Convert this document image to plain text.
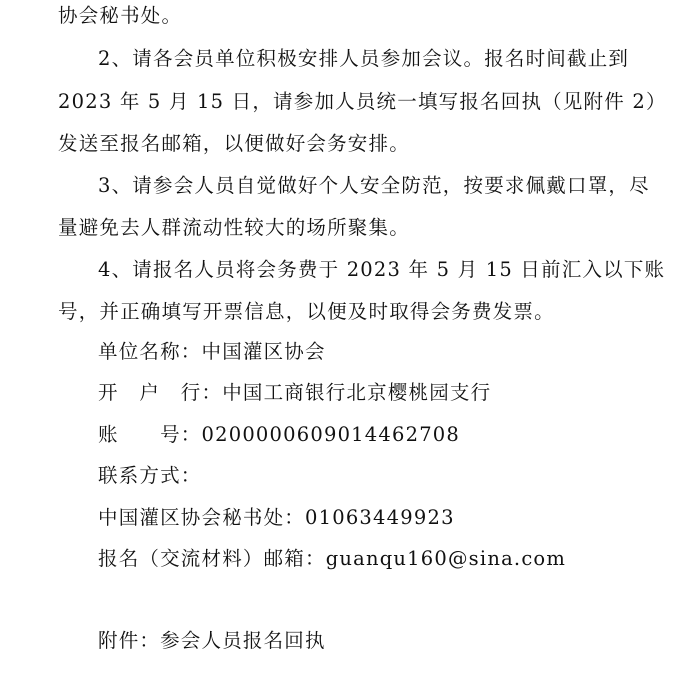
协会秘书处。
2、请各会员单位积极安排人员参加会议。报名时间截止到
2023 年 5 月 15 日，请参加人员统一填写报名回执（见附件 2）
发送至报名邮箱，以便做好会务安排。
3、请参会人员自觉做好个人安全防范，按要求佩戴口罩，尽
量避免去人群流动性较大的场所聚集。
4、请报名人员将会务费于 2023 年 5 月 15 日前汇入以下账
号，并正确填写开票信息，以便及时取得会务费发票。
单位名称：中国灌区协会
开　户　行：中国工商银行北京樱桃园支行
账　　号：0200000609014462708
联系方式：
中国灌区协会秘书处：01063449923
报名（交流材料）邮箱：guanqu160@sina.com
附件：参会人员报名回执
